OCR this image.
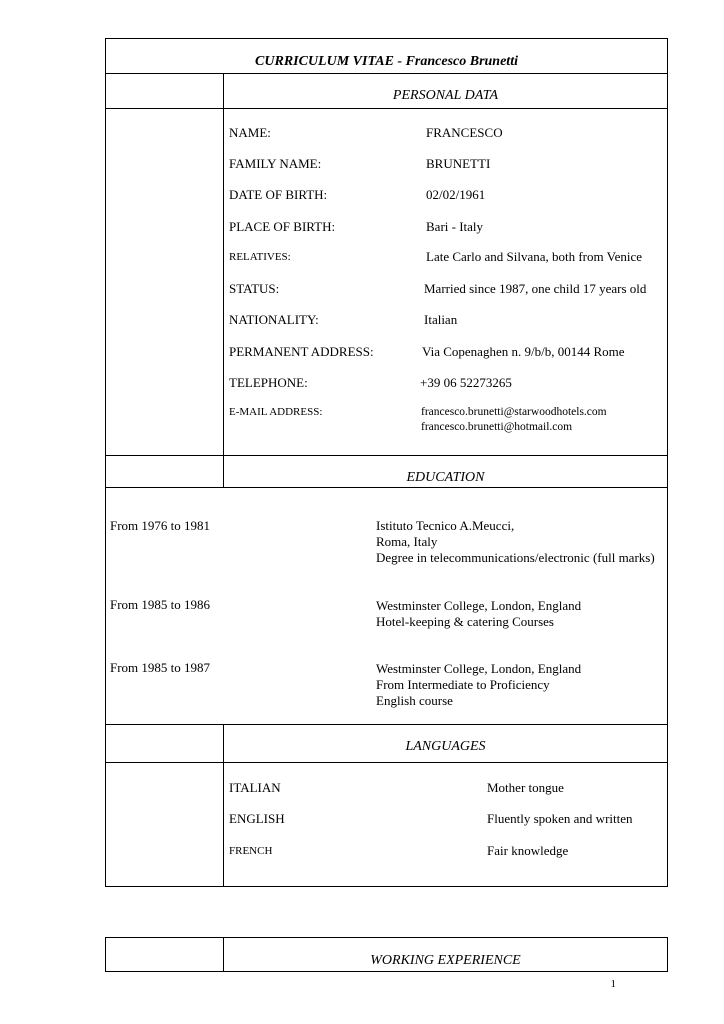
CURRICULUM VITAE - Francesco Brunetti
PERSONAL DATA
NAME:	FRANCESCO
FAMILY NAME:	BRUNETTI
DATE OF BIRTH:	02/02/1961
PLACE OF BIRTH:	Bari - Italy
RELATIVES:	Late Carlo and Silvana, both from Venice
STATUS:	Married since 1987, one child 17 years old
NATIONALITY:	Italian
PERMANENT ADDRESS:	Via Copenaghen n. 9/b/b, 00144 Rome
TELEPHONE:	+39 06 52273265
E-MAIL ADDRESS:	francesco.brunetti@starwoodhotels.com
francesco.brunetti@hotmail.com
EDUCATION
From 1976 to 1981	Istituto Tecnico A.Meucci,
Roma, Italy
Degree in telecommunications/electronic (full marks)
From 1985 to 1986	Westminster College, London, England
Hotel-keeping & catering Courses
From 1985 to 1987	Westminster College, London, England
From Intermediate to Proficiency
English course
LANGUAGES
ITALIAN	Mother tongue
ENGLISH	Fluently spoken and written
FRENCH	Fair knowledge
WORKING EXPERIENCE
1
